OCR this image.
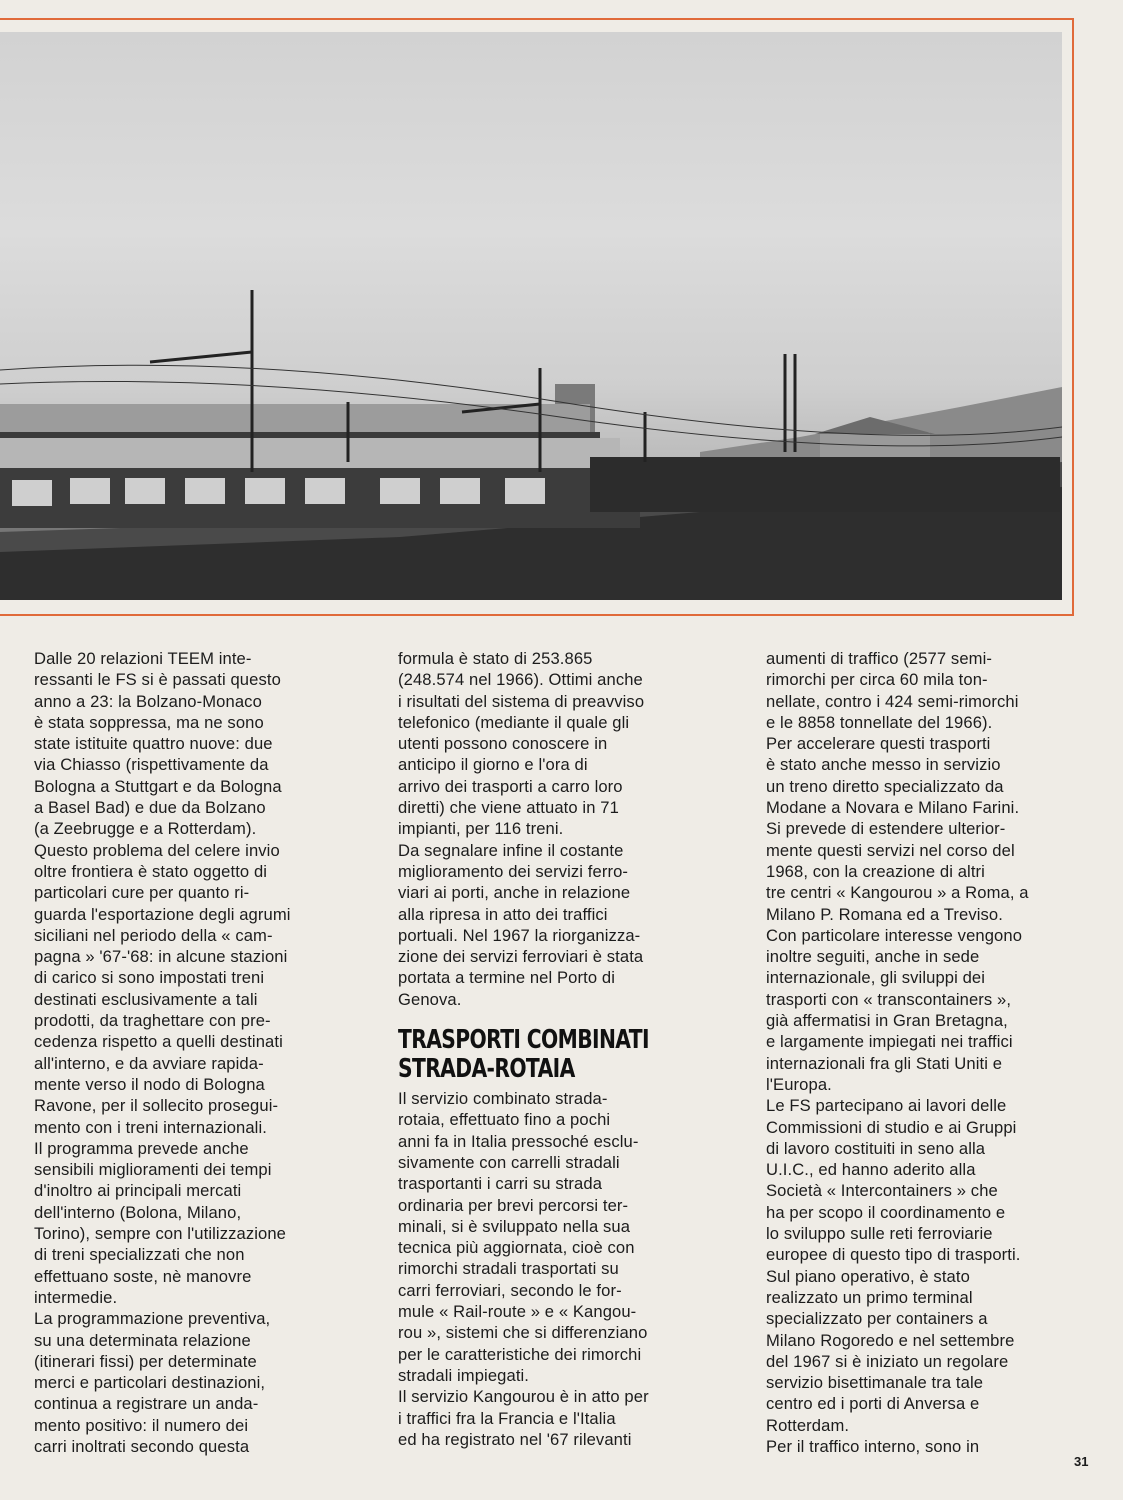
Dalle 20 relazioni TEEM inte-
ressanti le FS si è passati questo
anno a 23: la Bolzano-Monaco
è stata soppressa, ma ne sono
state istituite quattro nuove: due
via Chiasso (rispettivamente da
Bologna a Stuttgart e da Bologna
a Basel Bad) e due da Bolzano
(a Zeebrugge e a Rotterdam).

Questo problema del celere invio
oltre frontiera è stato oggetto di
particolari cure per quanto ri-
guarda l'esportazione degli agrumi
siciliani nel periodo della « cam-
pagna » '67-'68: in alcune stazioni
di carico si sono impostati treni
destinati esclusivamente a tali
prodotti, da traghettare con pre-
cedenza rispetto a quelli destinati
all'interno, e da avviare rapida-
mente verso il nodo di Bologna
Ravone, per il sollecito prosegui-
mento con i treni internazionali.

Il programma prevede anche
sensibili miglioramenti dei tempi
d'inoltro ai principali mercati
dell'interno (Bolona, Milano,
Torino), sempre con l'utilizzazione
di treni specializzati che non
effettuano soste, nè manovre
intermedie.

La programmazione preventiva,
su una determinata relazione
(itinerari fissi) per determinate
merci e particolari destinazioni,
continua a registrare un anda-
mento positivo: il numero dei
carri inoltrati secondo questa

formula è stato di 253.865
(248.574 nel 1966). Ottimi anche
i risultati del sistema di preavviso
telefonico (mediante il quale gli
utenti possono conoscere in
anticipo il giorno e l'ora di
arrivo dei trasporti a carro loro
diretti) che viene attuato in 71
impianti, per 116 treni.

Da segnalare infine il costante
miglioramento dei servizi ferro-
viari ai porti, anche in relazione
alla ripresa in atto dei traffici
portuali. Nel 1967 la riorganizza-
zione dei servizi ferroviari è stata
portata a termine nel Porto di
Genova.

TRASPORTI COMBINATI
STRADA-ROTAIA

Il servizio combinato strada-
rotaia, effettuato fino a pochi
anni fa in Italia pressoché esclu-
sivamente con carrelli stradali
trasportanti i carri su strada
ordinaria per brevi percorsi ter-
minali, si è sviluppato nella sua
tecnica più aggiornata, cioè con
rimorchi stradali trasportati su
carri ferroviari, secondo le for-
mule « Rail-route » e « Kangou-
rou », sistemi che si differenziano
per le caratteristiche dei rimorchi
stradali impiegati.

Il servizio Kangourou è in atto per
i traffici fra la Francia e l'Italia
ed ha registrato nel '67 rilevanti

aumenti di traffico (2577 semi-
rimorchi per circa 60 mila ton-
nellate, contro i 424 semi-rimorchi
e le 8858 tonnellate del 1966).

Per accelerare questi trasporti
è stato anche messo in servizio
un treno diretto specializzato da
Modane a Novara e Milano Farini.

Si prevede di estendere ulterior-
mente questi servizi nel corso del
1968, con la creazione di altri
tre centri « Kangourou » a Roma, a
Milano P. Romana ed a Treviso.

Con particolare interesse vengono
inoltre seguiti, anche in sede
internazionale, gli sviluppi dei
trasporti con « transcontainers »,
già affermatisi in Gran Bretagna,
e largamente impiegati nei traffici
internazionali fra gli Stati Uniti e
l'Europa.

Le FS partecipano ai lavori delle
Commissioni di studio e ai Gruppi
di lavoro costituiti in seno alla
U.I.C., ed hanno aderito alla
Società « Intercontainers » che
ha per scopo il coordinamento e
lo sviluppo sulle reti ferroviarie
europee di questo tipo di trasporti.

Sul piano operativo, è stato
realizzato un primo terminal
specializzato per containers a
Milano Rogoredo e nel settembre
del 1967 si è iniziato un regolare
servizio bisettimanale tra tale
centro ed i porti di Anversa e
Rotterdam.

Per il traffico interno, sono in

31
